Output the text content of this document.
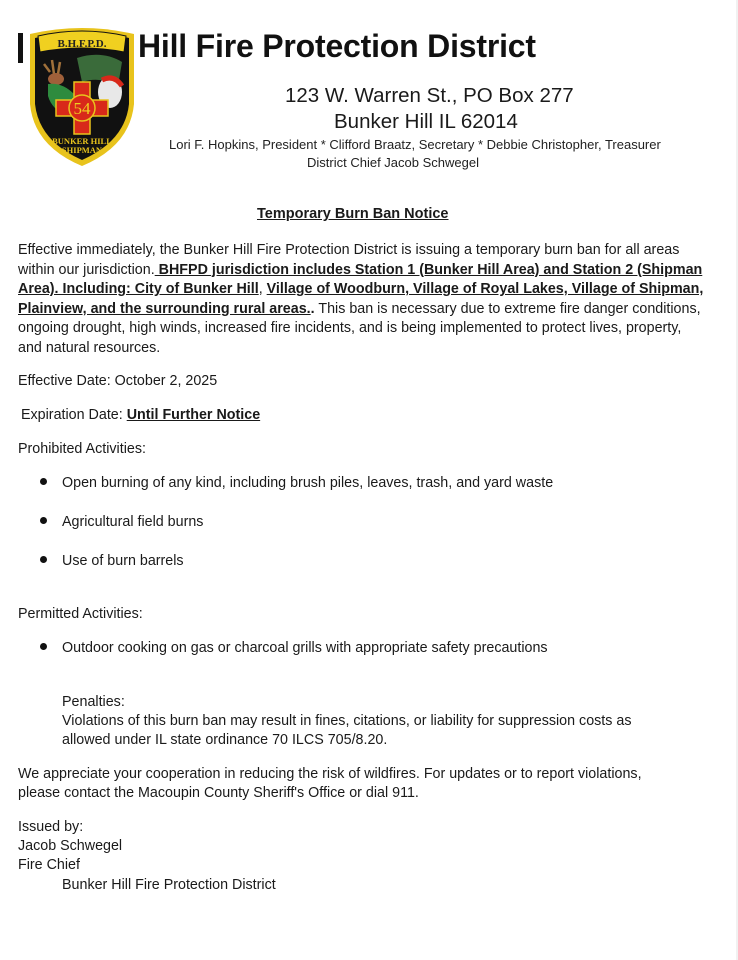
B.H.F.P.D.
54
BUNKER HILL
SHIPMAN
Hill Fire Protection District
123 W. Warren St., PO Box 277
Bunker Hill IL 62014
Lori F. Hopkins, President * Clifford Braatz, Secretary * Debbie Christopher, Treasurer
District Chief Jacob Schwegel
Temporary Burn Ban Notice
Effective immediately, the Bunker Hill Fire Protection District is issuing a temporary burn ban for all areas within our jurisdiction. BHFPD jurisdiction includes Station 1 (Bunker Hill Area) and Station 2 (Shipman Area). Including: City of Bunker Hill, Village of Woodburn, Village of Royal Lakes, Village of Shipman, Plainview, and the surrounding rural areas.. This ban is necessary due to extreme fire danger conditions, ongoing drought, high winds, increased fire incidents, and is being implemented to protect lives, property, and natural resources.
Effective Date: October 2, 2025
Expiration Date: Until Further Notice
Prohibited Activities:
Open burning of any kind, including brush piles, leaves, trash, and yard waste
Agricultural field burns
Use of burn barrels
Permitted Activities:
Outdoor cooking on gas or charcoal grills with appropriate safety precautions
Penalties:
Violations of this burn ban may result in fines, citations, or liability for suppression costs as
allowed under IL state ordinance 70 ILCS 705/8.20.
We appreciate your cooperation in reducing the risk of wildfires. For updates or to report violations,
please contact the Macoupin County Sheriff's Office or dial 911.
Issued by:
Jacob Schwegel
Fire Chief
Bunker Hill Fire Protection District
